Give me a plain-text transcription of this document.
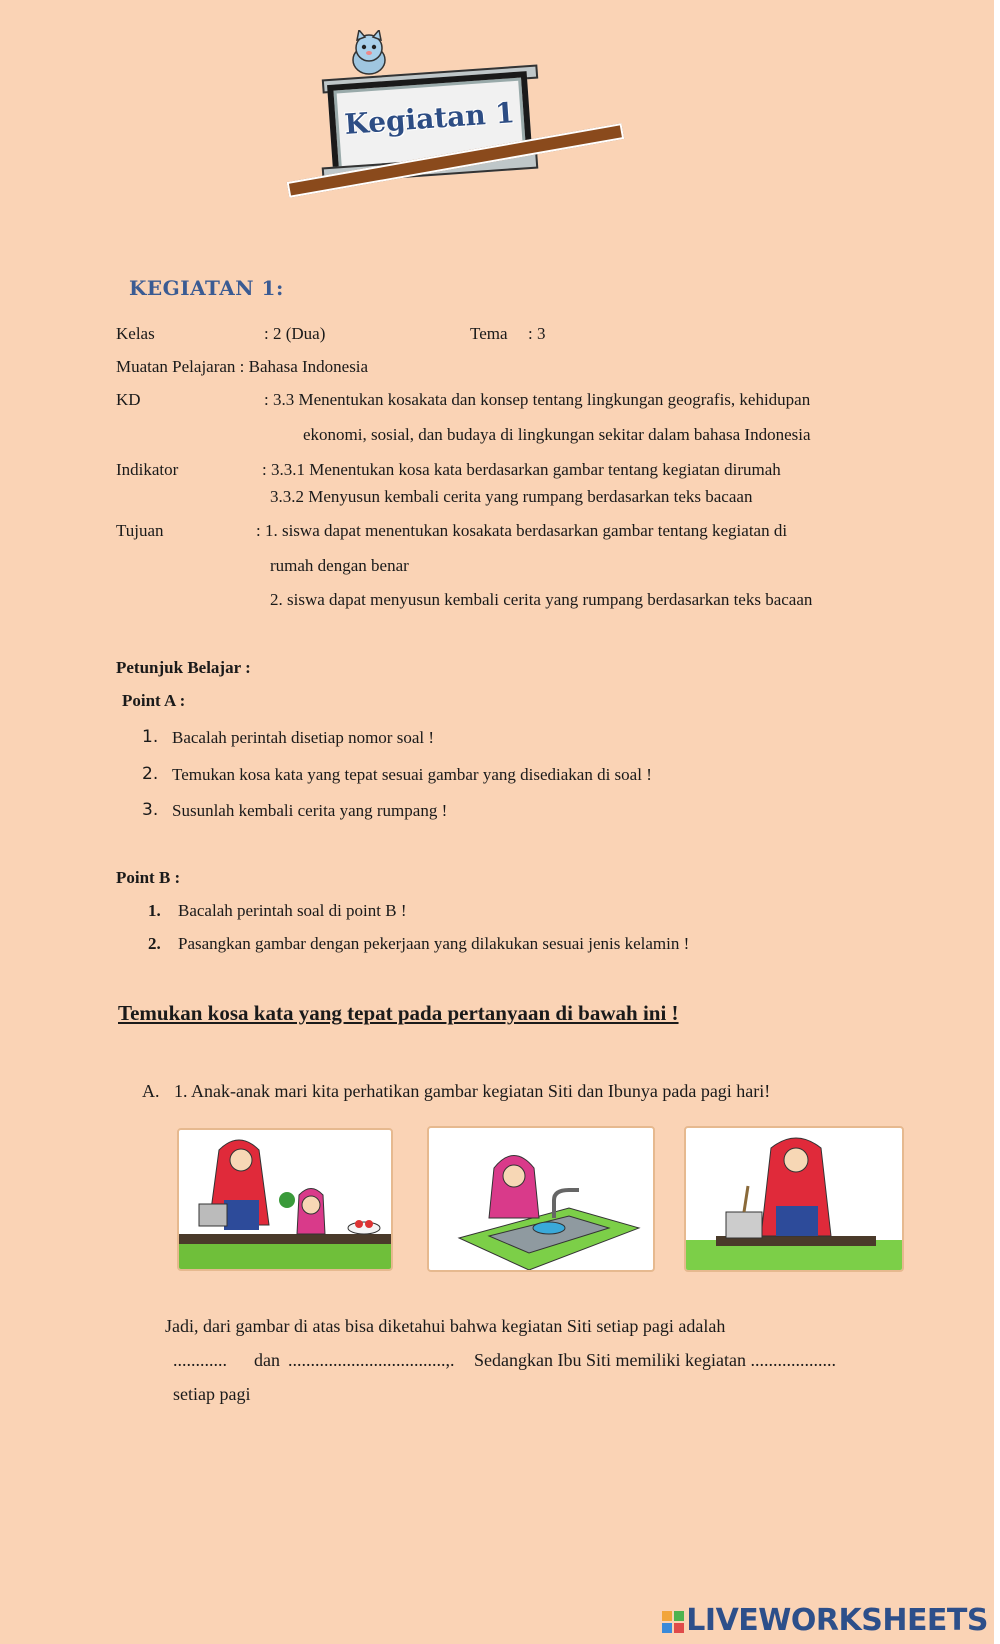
Kegiatan 1
KEGIATAN 1:
Kelas	: 2 (Dua)	Tema : 3
Muatan Pelajaran : Bahasa Indonesia
KD	: 3.3 Menentukan kosakata dan konsep tentang lingkungan geografis, kehidupan
ekonomi, sosial, dan budaya di lingkungan sekitar dalam bahasa Indonesia
Indikator	: 3.3.1 Menentukan kosa kata berdasarkan gambar tentang kegiatan dirumah
3.3.2 Menyusun kembali cerita yang rumpang berdasarkan teks bacaan
Tujuan	: 1. siswa dapat menentukan kosakata berdasarkan gambar tentang kegiatan di
rumah dengan benar
2. siswa dapat menyusun kembali cerita yang rumpang berdasarkan teks bacaan
Petunjuk Belajar :
Point A :
1. Bacalah perintah disetiap nomor soal !
2. Temukan kosa kata yang tepat sesuai gambar yang disediakan di soal !
3. Susunlah kembali cerita yang rumpang !
Point B :
1. Bacalah perintah soal di point B !
2. Pasangkan gambar dengan pekerjaan yang dilakukan sesuai jenis kelamin !
Temukan kosa kata yang tepat pada pertanyaan di bawah ini !
A. 1. Anak-anak mari kita perhatikan gambar kegiatan Siti dan Ibunya pada pagi hari!
Jadi, dari gambar di atas bisa diketahui bahwa kegiatan Siti setiap pagi adalah
............ dan ...................................,. Sedangkan Ibu Siti memiliki kegiatan ...................
setiap pagi
LIVEWORKSHEETS
